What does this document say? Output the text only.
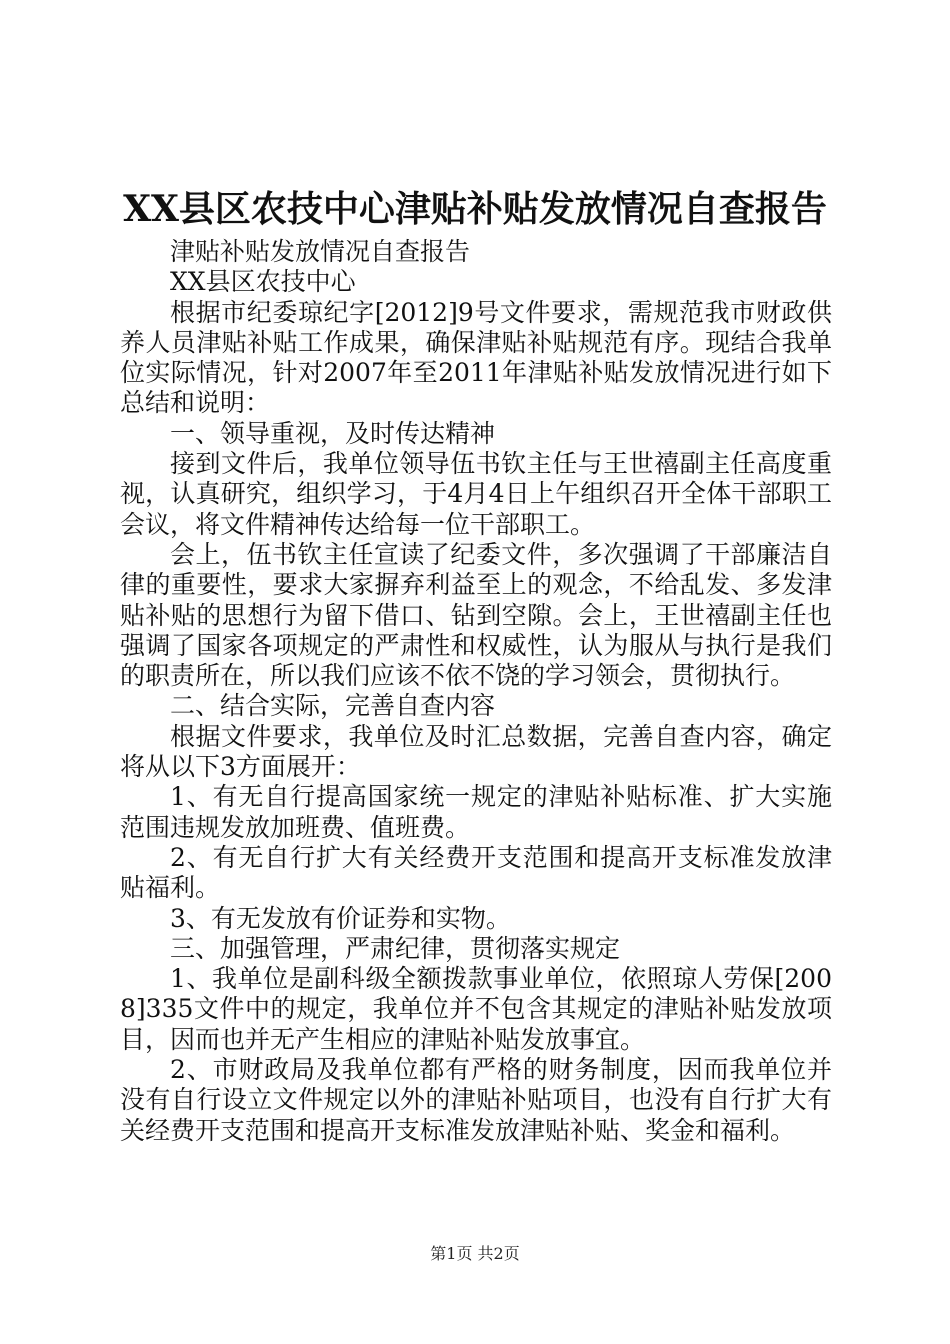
XX县区农技中心津贴补贴发放情况自查报告

津贴补贴发放情况自查报告

XX县区农技中心

根据市纪委琼纪字[2012]9号文件要求，需规范我市财政供养人员津贴补贴工作成果，确保津贴补贴规范有序。现结合我单位实际情况，针对2007年至2011年津贴补贴发放情况进行如下总结和说明：

一、领导重视，及时传达精神

接到文件后，我单位领导伍书钦主任与王世禧副主任高度重视，认真研究，组织学习，于4月4日上午组织召开全体干部职工会议，将文件精神传达给每一位干部职工。

会上，伍书钦主任宣读了纪委文件，多次强调了干部廉洁自律的重要性，要求大家摒弃利益至上的观念，不给乱发、多发津贴补贴的思想行为留下借口、钻到空隙。会上，王世禧副主任也强调了国家各项规定的严肃性和权威性，认为服从与执行是我们的职责所在，所以我们应该不依不饶的学习领会，贯彻执行。

二、结合实际，完善自查内容

根据文件要求，我单位及时汇总数据，完善自查内容，确定将从以下3方面展开：

1、有无自行提高国家统一规定的津贴补贴标准、扩大实施范围违规发放加班费、值班费。

2、有无自行扩大有关经费开支范围和提高开支标准发放津贴福利。

3、有无发放有价证券和实物。

三、加强管理，严肃纪律，贯彻落实规定

1、我单位是副科级全额拨款事业单位，依照琼人劳保[2008]335文件中的规定，我单位并不包含其规定的津贴补贴发放项目，因而也并无产生相应的津贴补贴发放事宜。

2、市财政局及我单位都有严格的财务制度，因而我单位并没有自行设立文件规定以外的津贴补贴项目，也没有自行扩大有关经费开支范围和提高开支标准发放津贴补贴、奖金和福利。

第1页 共2页
